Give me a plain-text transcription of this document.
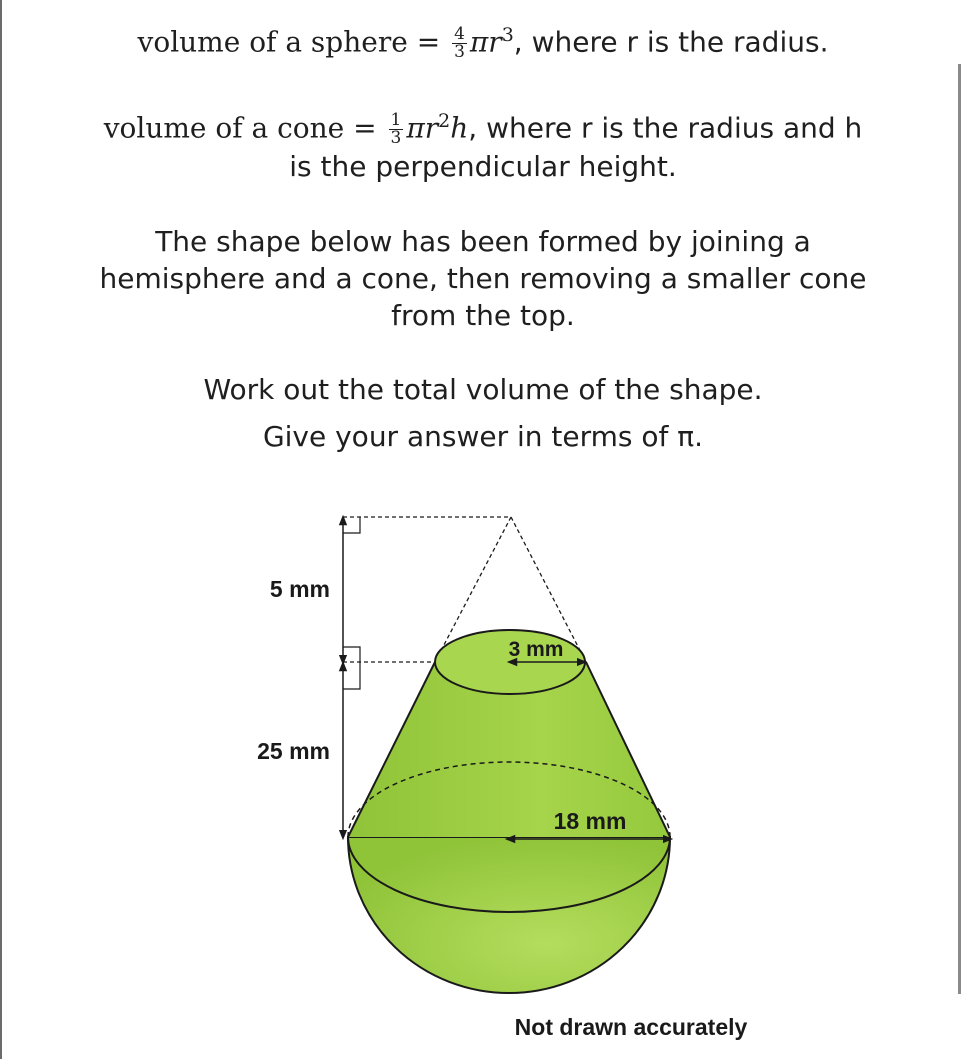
volume of a sphere = $\frac{4}{3} \pi r^3$, where r is the radius.
volume of a cone = $\frac{1}{3} \pi r^2h$, where r is the radius and h
is the perpendicular height.
The shape below has been formed by joining a
hemisphere and a cone, then removing a smaller cone
from the top.
Work out the total volume of the shape.
Give your answer in terms of π.
5 mm
25 mm
3 mm
18 mm
Not drawn accurately
